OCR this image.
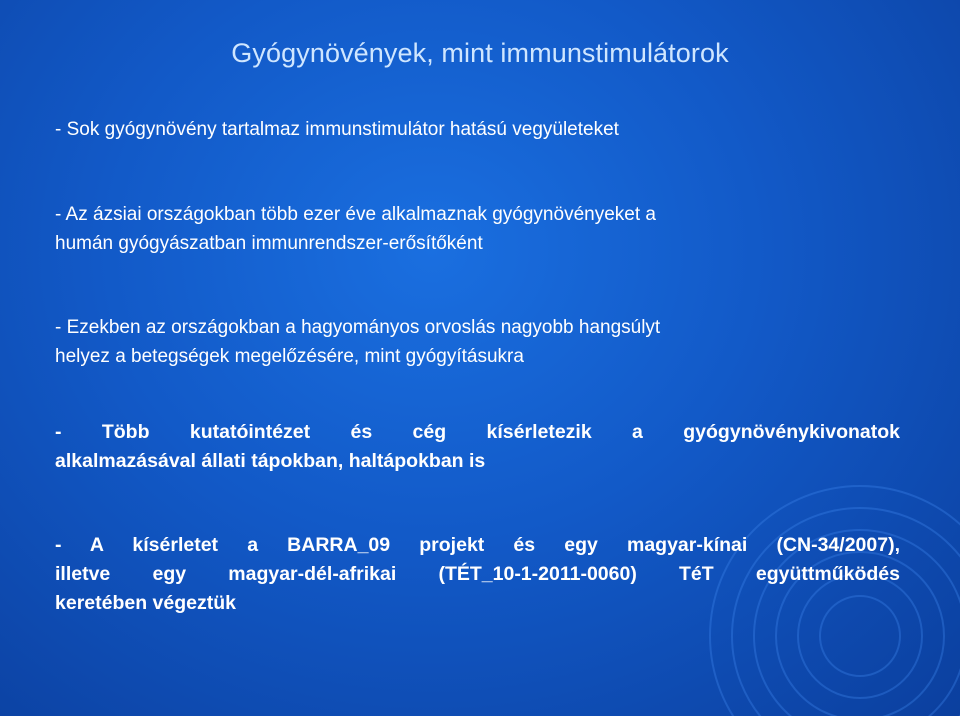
Gyógynövények, mint immunstimulátorok

- Sok gyógynövény tartalmaz immunstimulátor hatású vegyületeket

- Az ázsiai országokban több ezer éve alkalmaznak gyógynövényeket a
humán gyógyászatban immunrendszer-erősítőként

- Ezekben az országokban a hagyományos orvoslás nagyobb hangsúlyt
helyez a betegségek megelőzésére, mint gyógyításukra

- Több kutatóintézet és cég kísérletezik a gyógynövénykivonatok
alkalmazásával állati tápokban, haltápokban is

- A kísérletet a BARRA_09 projekt és egy magyar-kínai (CN-34/2007),
illetve egy magyar-dél-afrikai (TÉT_10-1-2011-0060) TéT együttműködés
keretében végeztük
